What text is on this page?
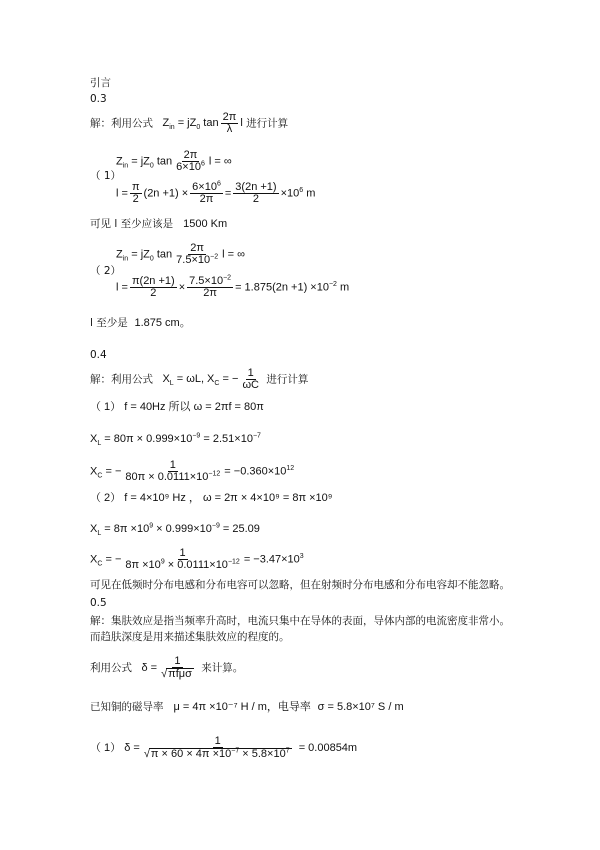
引言
0.3
解：利用公式   $Z_{in} = jZ_0$ $\tan \frac{2\pi}{\lambda}$ l 进行计算
$Z_{in} = jZ_0$ $\tan \frac{2\pi}{6\times 10^6}$ l = ∞
（ 1）
$l = \frac{\pi}{2} (2n +1) \times \frac{6\times 10^6}{2\pi} = \frac{3(2n +1)}{2} \times 10^6$ m
可见 l 至少应该是 1500 Km
$Z_{in} = jZ_0$ $\tan \frac{2\pi}{7.5\times 10^{-2}}$ l = ∞
（ 2）
$l = \frac{\pi(2n +1)}{2} \times \frac{7.5\times 10^{-2}}{2\pi} = 1.875(2n +1) \times 10^{-2}$ m
l 至少是 1.875 cm。
0.4
解：利用公式   $X_L = \omega L$, $X_C$ = − $\frac{1}{\omega C}$ 进行计算
（ 1） f = 40Hz 所以 ω = 2πf = 80π
$X_L = 80\pi \times 0.999\times 10^{-9} = 2.51\times 10^{-7}$
$X_C$ = − $\frac{1}{80\pi \times 0.0111\times 10^{-12}} = -0.360\times 10^{12}$
（ 2） f = 4×10⁹ Hz ， ω = 2π × 4×10⁹ = 8π ×10⁹
$X_L = 8\pi \times 10^9 \times 0.999\times 10^{-9} = 25.09$
$X_C$ = − $\frac{1}{8\pi \times 10^9 \times 0.0111\times 10^{-12}} = -3.47\times 10^3$
可见在低频时分布电感和分布电容可以忽略，但在射频时分布电感和分布电容却不能忽略。
0.5
解：集肤效应是指当频率升高时，电流只集中在导体的表面，导体内部的电流密度非常小。
而趋肤深度是用来描述集肤效应的程度的。
利用公式   $\delta = \frac{1}{\text{√πfμσ}}$ 来计算。
已知铜的磁导率 μ = 4π ×10⁻⁷ H / m，电导率 σ = 5.8×10⁷ S / m
（ 1） $\delta = \frac{1}{√\pi \times 60 \times 4\pi \times 10^{-7} \times 5.8\times 10^7} = 0.00854m$
